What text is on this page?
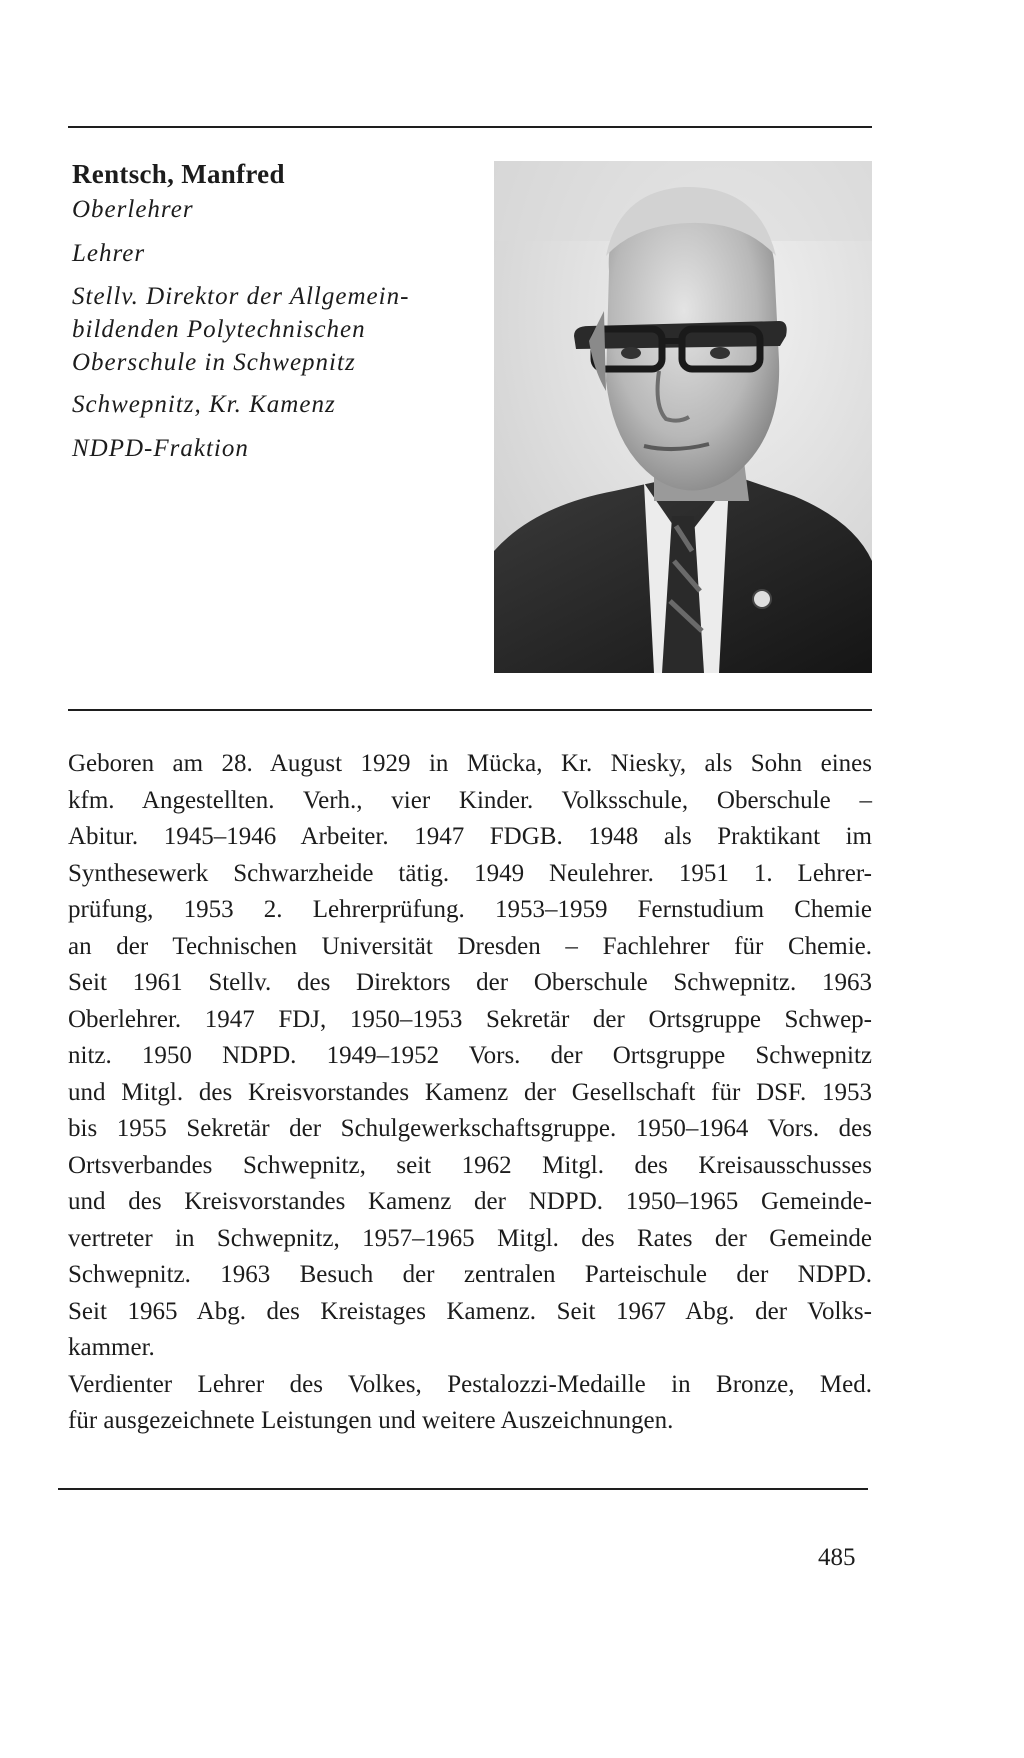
Rentsch, Manfred
Oberlehrer
Lehrer
Stellv. Direktor der Allgemein-
bildenden Polytechnischen
Oberschule in Schwepnitz
Schwepnitz, Kr. Kamenz
NDPD-Fraktion
Geboren am 28. August 1929 in Mücka, Kr. Niesky, als Sohn eines
kfm. Angestellten. Verh., vier Kinder. Volksschule, Oberschule –
Abitur. 1945–1946 Arbeiter. 1947 FDGB. 1948 als Praktikant im
Synthesewerk Schwarzheide tätig. 1949 Neulehrer. 1951 1. Lehrer-
prüfung, 1953 2. Lehrerprüfung. 1953–1959 Fernstudium Chemie
an der Technischen Universität Dresden – Fachlehrer für Chemie.
Seit 1961 Stellv. des Direktors der Oberschule Schwepnitz. 1963
Oberlehrer. 1947 FDJ, 1950–1953 Sekretär der Ortsgruppe Schwep-
nitz. 1950 NDPD. 1949–1952 Vors. der Ortsgruppe Schwepnitz
und Mitgl. des Kreisvorstandes Kamenz der Gesellschaft für DSF. 1953
bis 1955 Sekretär der Schulgewerkschaftsgruppe. 1950–1964 Vors. des
Ortsverbandes Schwepnitz, seit 1962 Mitgl. des Kreisausschusses
und des Kreisvorstandes Kamenz der NDPD. 1950–1965 Gemeinde-
vertreter in Schwepnitz, 1957–1965 Mitgl. des Rates der Gemeinde
Schwepnitz. 1963 Besuch der zentralen Parteischule der NDPD.
Seit 1965 Abg. des Kreistages Kamenz. Seit 1967 Abg. der Volks-
kammer.
Verdienter Lehrer des Volkes, Pestalozzi-Medaille in Bronze, Med.
für ausgezeichnete Leistungen und weitere Auszeichnungen.
485
